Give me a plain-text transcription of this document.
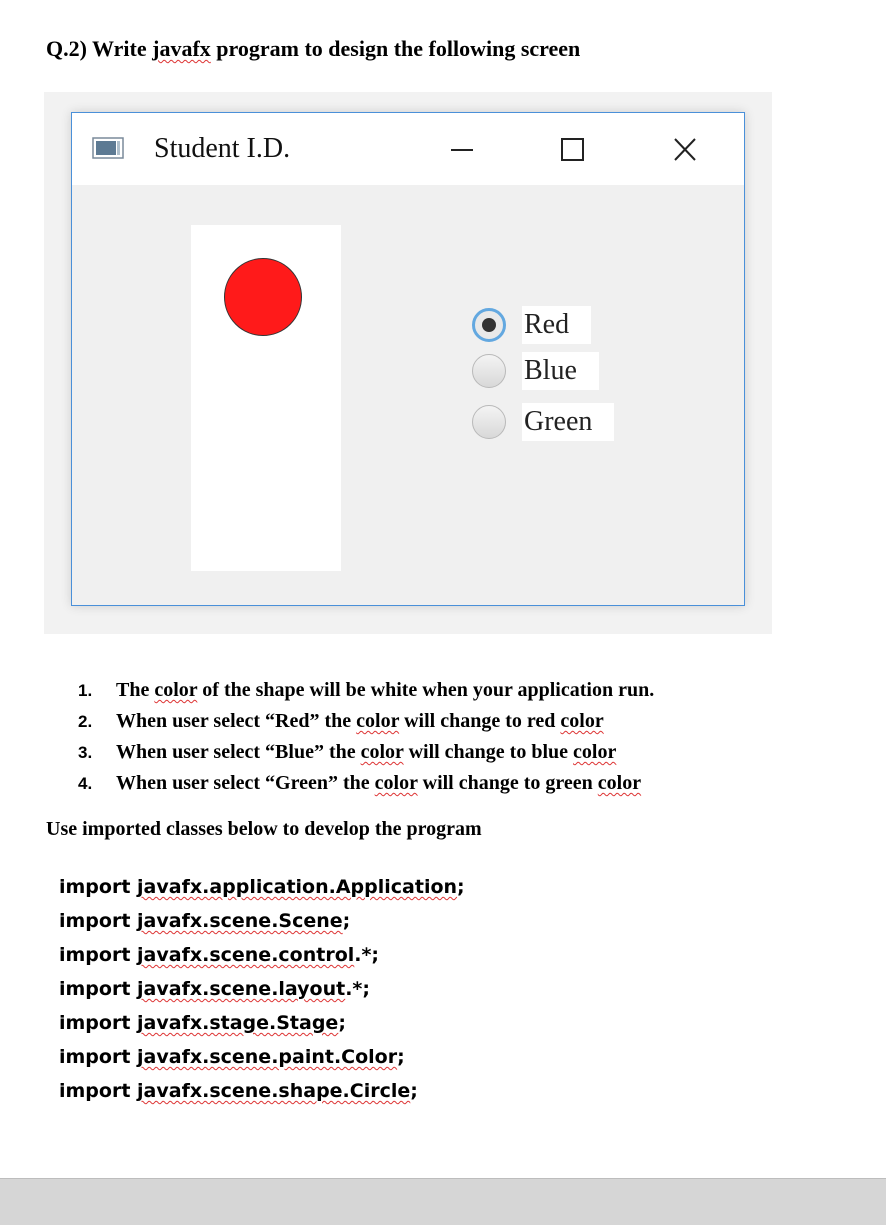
Q.2) Write javafx program to design the following screen
Student I.D.
Red
Blue
Green
1. The color of the shape will be white when your application run.
2. When user select “Red” the color will change to red color
3. When user select “Blue” the color will change to blue color
4. When user select “Green” the color will change to green color
Use imported classes below to develop the program
import javafx.application.Application;
import javafx.scene.Scene;
import javafx.scene.control.*;
import javafx.scene.layout.*;
import javafx.stage.Stage;
import javafx.scene.paint.Color;
import javafx.scene.shape.Circle;
